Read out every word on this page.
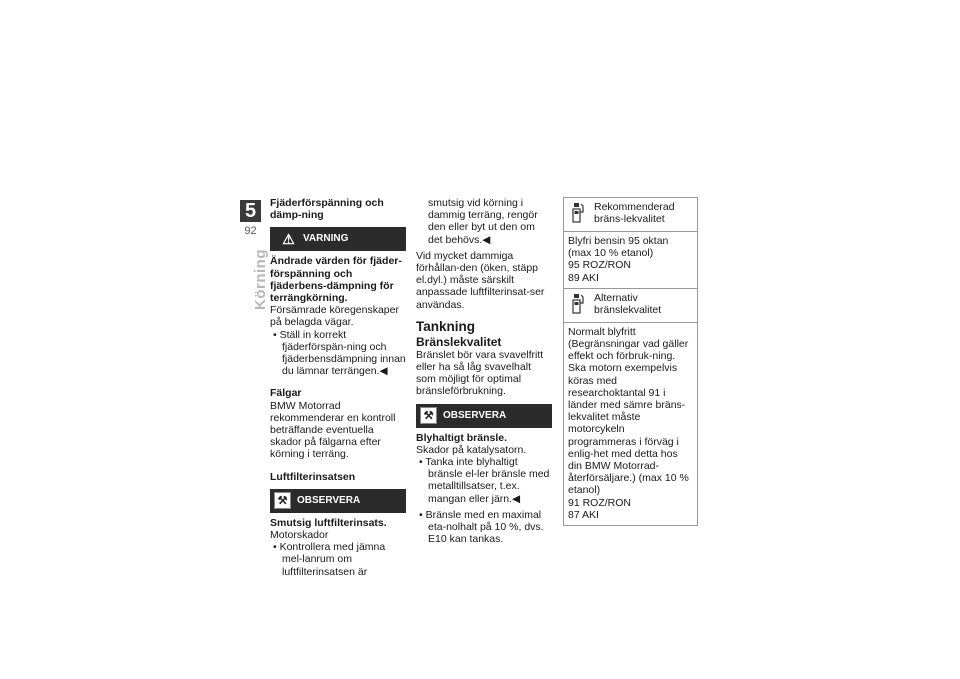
5
92
Körning

Fjäderförspänning och dämp-ning

⚠ VARNING

Ändrade värden för fjäder-förspänning och fjäderbens-dämpning för terrängkörning.

Försämrade köregenskaper på belagda vägar.

• Ställ in korrekt fjäderförspän-ning och fjäderbensdämpning innan du lämnar terrängen.◀

Fälgar

BMW Motorrad rekommenderar en kontroll beträffande eventuella skador på fälgarna efter körning i terräng.

Luftfilterinsatsen

⚒ OBSERVERA

Smutsig luftfilterinsats.

Motorskador

• Kontrollera med jämna mel-lanrum om luftfilterinsatsen är

smutsig vid körning i dammig terräng, rengör den eller byt ut den om det behövs.◀

Vid mycket dammiga förhållan-den (öken, stäpp el.dyl.) måste särskilt anpassade luftfilterinsat-ser användas.

Tankning

Bränslekvalitet

Bränslet bör vara svavelfritt eller ha så låg svavelhalt som möjligt för optimal bränsleförbrukning.

⚒ OBSERVERA

Blyhaltigt bränsle.

Skador på katalysatorn.

• Tanka inte blyhaltigt bränsle el-ler bränsle med metalltillsatser, t.ex. mangan eller järn.◀

• Bränsle med en maximal eta-nolhalt på 10 %, dvs. E10 kan tankas.

Rekommenderad bräns-lekvalitet
Blyfri bensin 95 oktan (max 10 % etanol)
95 ROZ/RON
89 AKI
Alternativ bränslekvalitet
Normalt blyfritt (Begränsningar vad gäller effekt och förbruk-ning. Ska motorn exempelvis köras med researchoktantal 91 i länder med sämre bräns-lekvalitet måste motorcykeln programmeras i förväg i enlig-het med detta hos din BMW Motorrad-återförsäljare.) (max 10 % etanol)
91 ROZ/RON
87 AKI
